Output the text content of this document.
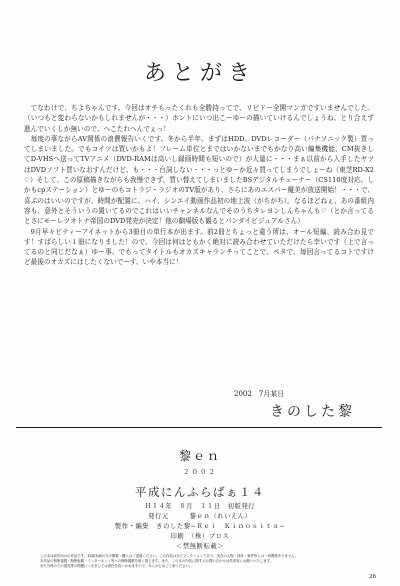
あとがき

てなわけで、ちよちゃんです。今回はオチもったくれも全勝持ってで、リビドー全開マンガですいませんでした。（いつもと変わらないかもしれませんが・・・）ホントにいつ出こーゆーの描いていけるんでしょうね、とり合えず進んでいくしか無いので、へこたれへんでぇっ！

毎度の事ながらAV関係の浪費報告いくです。冬から半年、まずはHDD、DVDレコーダー（パナソニック製）買ってしまいました。でもコイツは買いかもよ！フレーム単位とまではいかないまでもかなり高い編集機能、CM抜きしてD-VHSへ送ってTVアニメ（DVD-RAMは高いし録画時間も短いので）が大量に・・・まぁ以前から入手したヤツはDVDソフト買いなおすんだけど、も・・・台詞しない・・・っとゆーか近々買ってしまうでしょーね（東芝RD-X2♡）そして、この原稿描きながらも我慢できず、買い替えてしまいましたBSデジタルチューナー（CS110度対応、しかもcpステーション）とゆーのもコトラジ・ラジオのTV版があり、さらにあのエスパー魔美が放送開始！・・・で、喜ぶのはいいのですが、時間が配置に、ハイ、シンエイ動画作品初の地上波（がちがち）。なるほどねぇ、あの番組内容も、意外とそういうの置いてるのでこれはいいチャンネルなんでそのうちタレヨンしんちゃんも♡（とか言ってるとさにモーレツオトナ帝国のDVD発売が決定！他の劇場版も観るとパンダイビジュアルさん）

9月早々ピティーアイネットから3冊目の単行本が出ます。前2冊とちょっと違う所は、オール短編、読み合わ見です！すばらしい１冊になりました！ので、今回は何はともかく絶対に読み合わせていただけたら幸いです（上で言ってるのと同じだなぁ）ゆー事、でもってタイトルもオカズキャランチってことで、ペタで、毎回言ってるコトですけど最後のオカズにはしたくないでーす、いや本当に！

2002　7月某日
きのした黎
黎ｅｎ
２００２
平成にんふらばぁ１４
Ｈ１４年　８月　１１日　初版発行
発行元　　　黎ｅｎ（れいえん）
製作・編集　きのした黎−Ｒｅｉ　Ｋｉｎｏｓｉｔａ−
印刷　（株）ブロス
＜禁無断転載＞

この本は成年向けの作品です。18歳未満の方の閲覧・購入はご遠慮ください。この作品は全てフィクションであり、実在の人物・団体・事件等とは一切関係ありません。

本作品の無断複製・無断転載・インターネット等への無断掲載を固く禁じます。また、この本の内容に関するお問い合わせは作者宛にお願いいたします。

また当時のでの発売等の問題につきましては責任を負いかねますので、あらかじめご了承ください。

26
